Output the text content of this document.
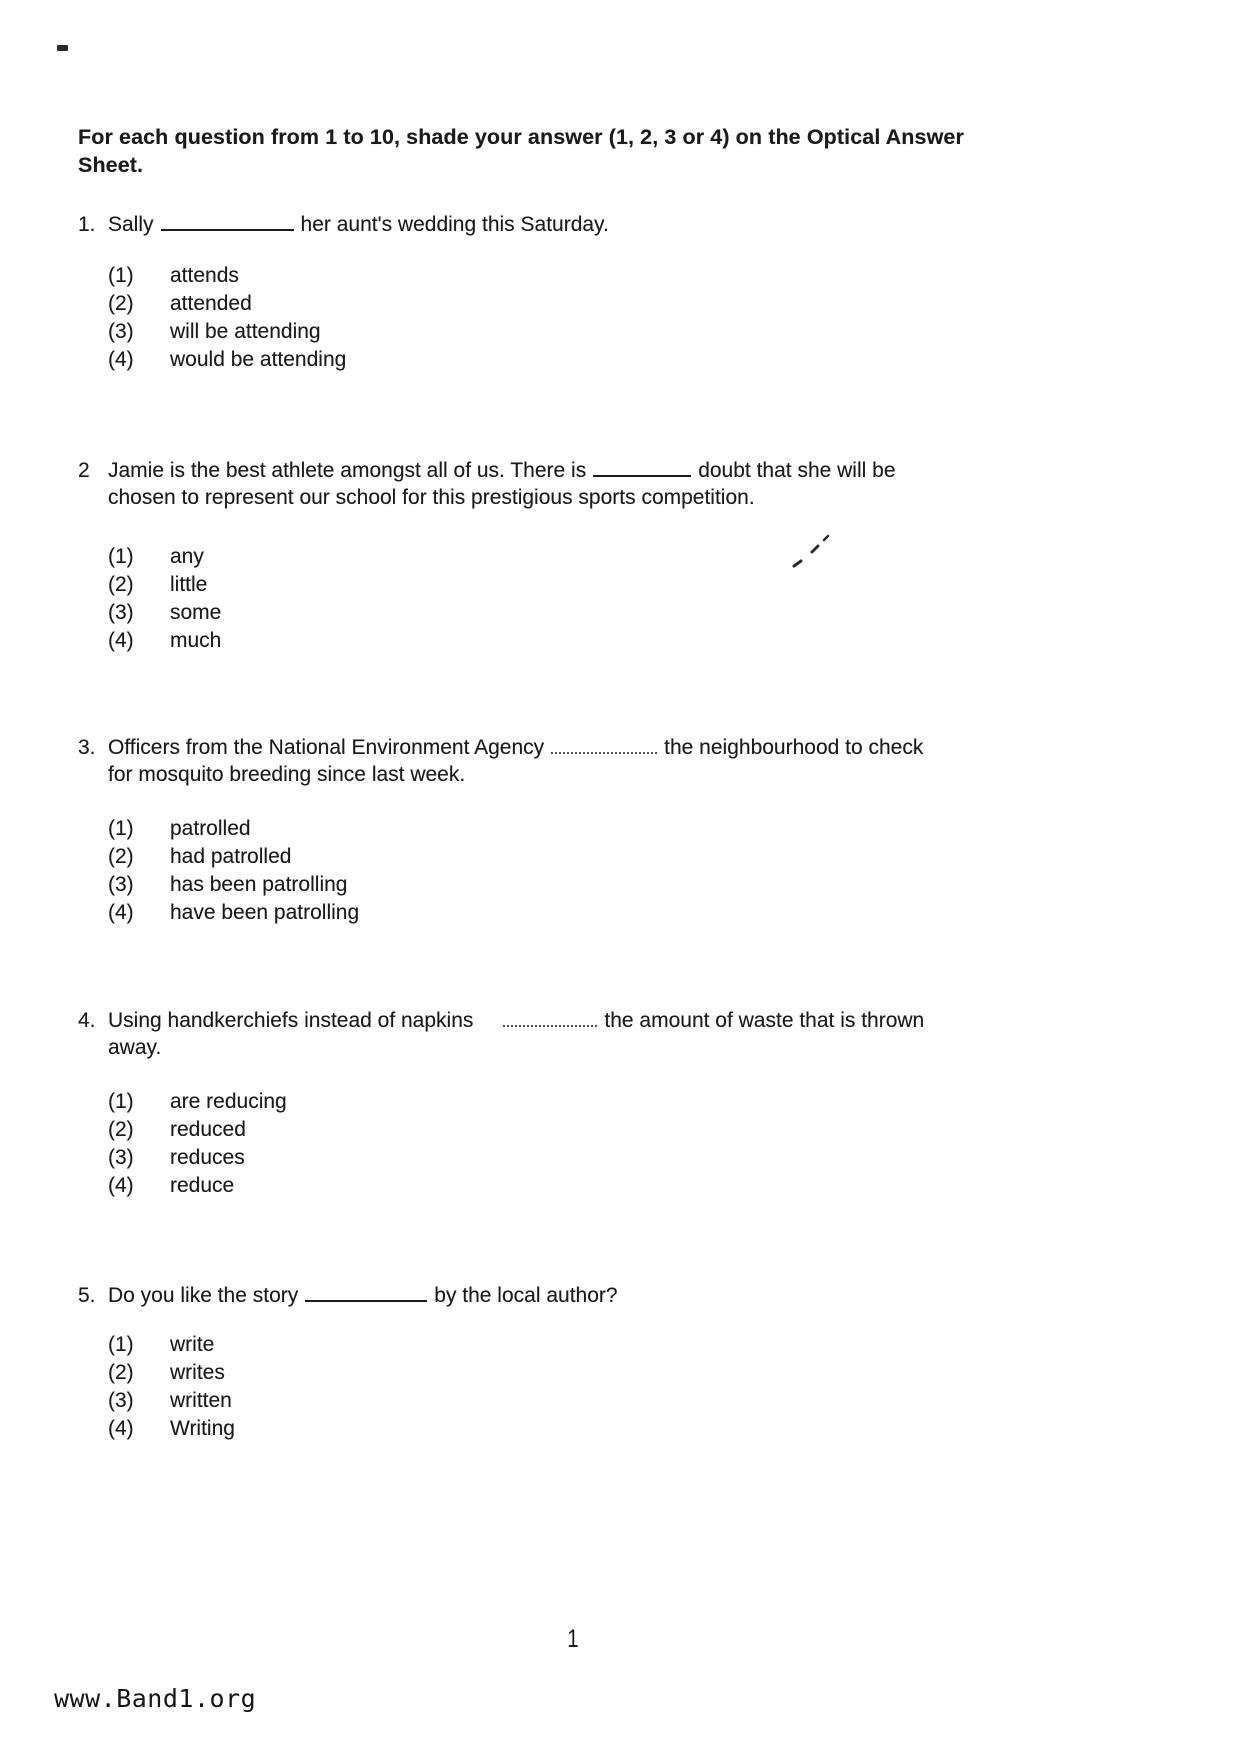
For each question from 1 to 10, shade your answer (1, 2, 3 or 4) on the Optical Answer Sheet.

1. Sally	her aunt's wedding this Saturday.
(1)	attends
(2)	attended
(3)	will be attending
(4)	would be attending
2 Jamie is the best athlete amongst all of us. There is	doubt that she will be
chosen to represent our school for this prestigious sports competition.
(1)	any
(2)	little
(3)	some
(4)	much
3. Officers from the National Environment Agency	the neighbourhood to check
for mosquito breeding since last week.
(1)	patrolled
(2)	had patrolled
(3)	has been patrolling
(4)	have been patrolling
4. Using handkerchiefs instead of napkins	the amount of waste that is thrown
away.
(1)	are reducing
(2)	reduced
(3)	reduces
(4)	reduce
5. Do you like the story	by the local author?
(1)	write
(2)	writes
(3)	written
(4)	Writing
1
www.Band1.org
